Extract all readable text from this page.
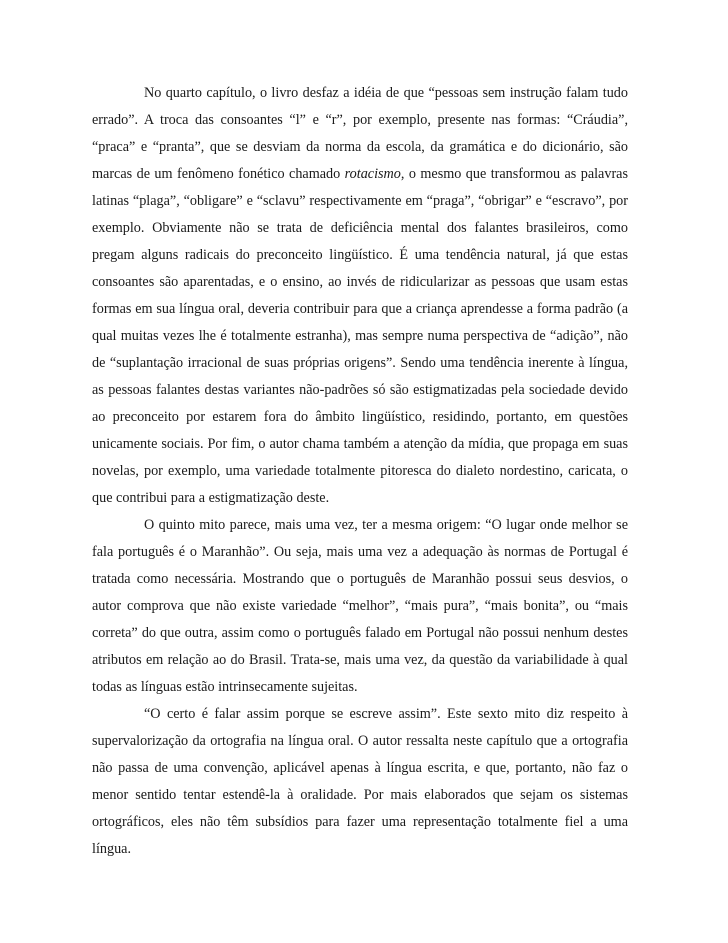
No quarto capítulo, o livro desfaz a idéia de que “pessoas sem instrução falam tudo errado”. A troca das consoantes “l” e “r”, por exemplo, presente nas formas: “Cráudia”, “praca” e “pranta”, que se desviam da norma da escola, da gramática e do dicionário, são marcas de um fenômeno fonético chamado rotacismo, o mesmo que transformou as palavras latinas “plaga”, “obligare” e “sclavu” respectivamente em “praga”, “obrigar” e “escravo”, por exemplo. Obviamente não se trata de deficiência mental dos falantes brasileiros, como pregam alguns radicais do preconceito lingüístico. É uma tendência natural, já que estas consoantes são aparentadas, e o ensino, ao invés de ridicularizar as pessoas que usam estas formas em sua língua oral, deveria contribuir para que a criança aprendesse a forma padrão (a qual muitas vezes lhe é totalmente estranha), mas sempre numa perspectiva de “adição”, não de “suplantação irracional de suas próprias origens”. Sendo uma tendência inerente à língua, as pessoas falantes destas variantes não-padrões só são estigmatizadas pela sociedade devido ao preconceito por estarem fora do âmbito lingüístico, residindo, portanto, em questões unicamente sociais. Por fim, o autor chama também a atenção da mídia, que propaga em suas novelas, por exemplo, uma variedade totalmente pitoresca do dialeto nordestino, caricata, o que contribui para a estigmatização deste.

O quinto mito parece, mais uma vez, ter a mesma origem: “O lugar onde melhor se fala português é o Maranhão”. Ou seja, mais uma vez a adequação às normas de Portugal é tratada como necessária. Mostrando que o português de Maranhão possui seus desvios, o autor comprova que não existe variedade “melhor”, “mais pura”, “mais bonita”, ou “mais correta” do que outra, assim como o português falado em Portugal não possui nenhum destes atributos em relação ao do Brasil. Trata-se, mais uma vez, da questão da variabilidade à qual todas as línguas estão intrinsecamente sujeitas.

“O certo é falar assim porque se escreve assim”. Este sexto mito diz respeito à supervalorização da ortografia na língua oral. O autor ressalta neste capítulo que a ortografia não passa de uma convenção, aplicável apenas à língua escrita, e que, portanto, não faz o menor sentido tentar estendê-la à oralidade. Por mais elaborados que sejam os sistemas ortográficos, eles não têm subsídios para fazer uma representação totalmente fiel a uma língua.
